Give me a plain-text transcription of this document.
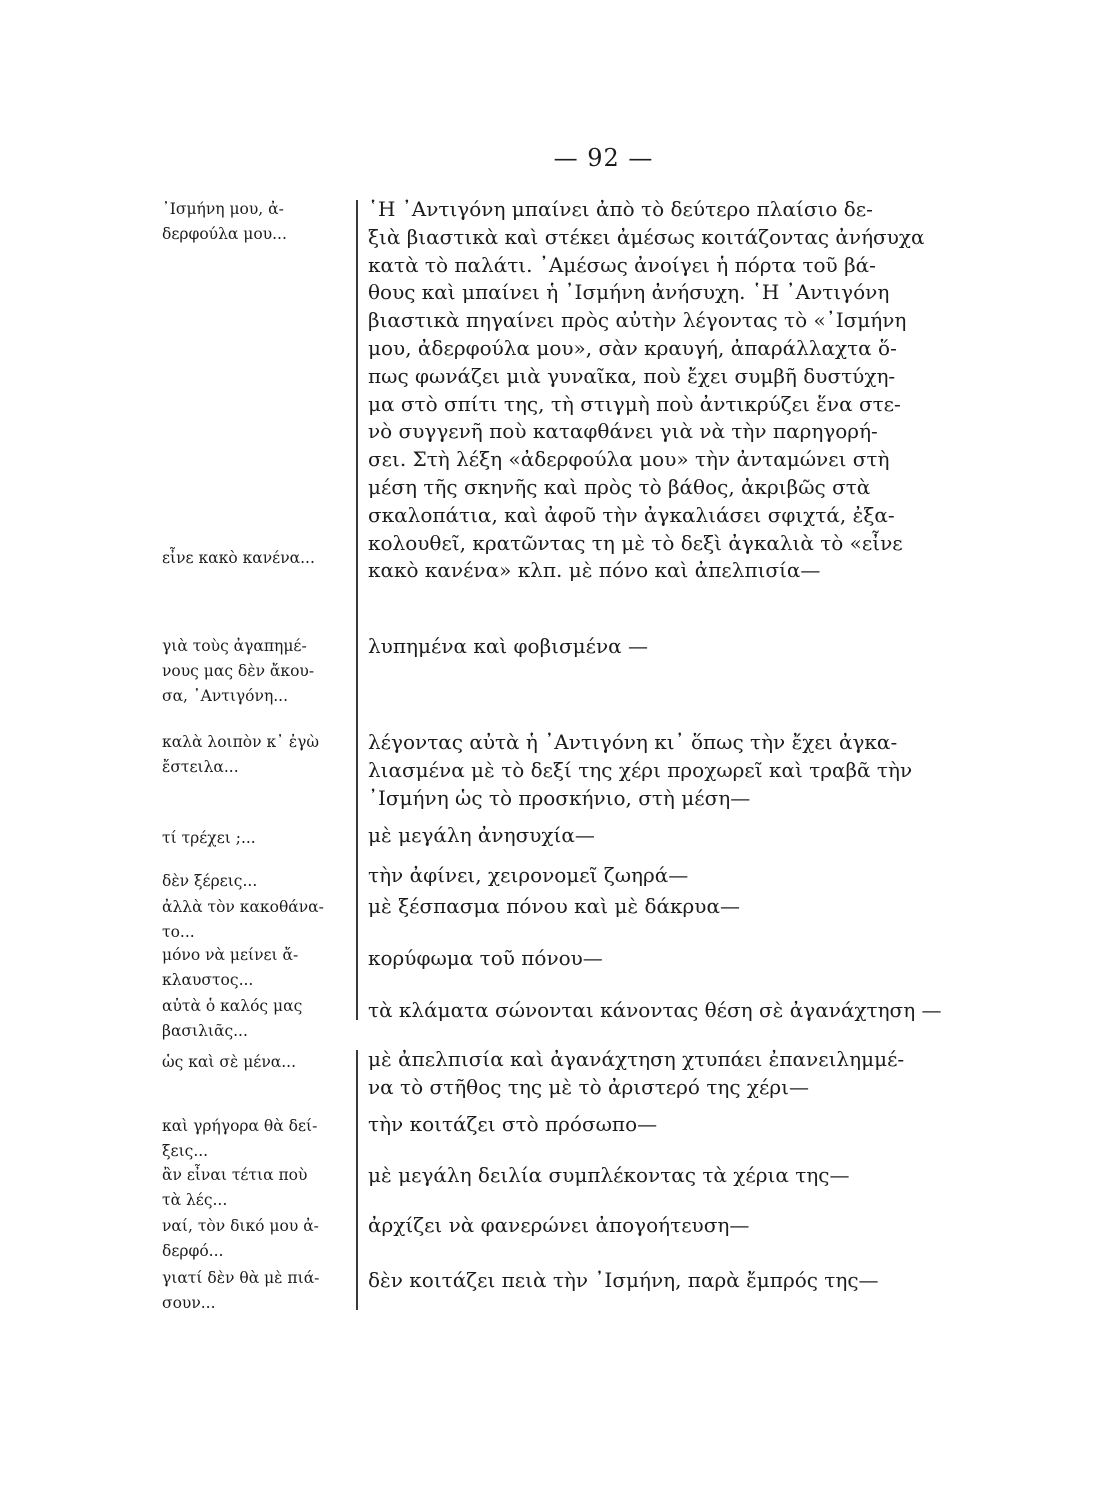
— 92 —
᾿Ισμήνη μου, ἀ-
δερφούλα μου...
εἶνε κακὸ κανένα...
γιὰ τοὺς ἀγαπημέ-
νους μας δὲν ἄκου-
σα, ᾿Αντιγόνη...
καλὰ λοιπὸν κ᾿ ἐγὼ
ἔστειλα...
τί τρέχει ;...
δὲν ξέρεις...
ἀλλὰ τὸν κακοθάνα-
το...
μόνο νὰ μείνει ἄ-
κλαυστος...
αὐτὰ ὁ καλός μας
βασιλιᾶς...
ὡς καὶ σὲ μένα...
καὶ γρήγορα θὰ δεί-
ξεις...
ἂν εἶναι τέτια ποὺ
τὰ λές...
ναί, τὸν δικό μου ἀ-
δερφό...
γιατί δὲν θὰ μὲ πιά-
σουν...
῾Η ᾿Αντιγόνη μπαίνει ἀπὸ τὸ δεύτερο πλαίσιο δε-
ξιὰ βιαστικὰ καὶ στέκει ἀμέσως κοιτάζοντας ἀνήσυχα
κατὰ τὸ παλάτι. ᾿Αμέσως ἀνοίγει ἡ πόρτα τοῦ βά-
θους καὶ μπαίνει ἡ ᾿Ισμήνη ἀνήσυχη. ῾Η ᾿Αντιγόνη
βιαστικὰ πηγαίνει πρὸς αὐτὴν λέγοντας τὸ «᾿Ισμήνη
μου, ἀδερφούλα μου», σὰν κραυγή, ἀπαράλλαχτα ὅ-
πως φωνάζει μιὰ γυναῖκα, ποὺ ἔχει συμβῆ δυστύχη-
μα στὸ σπίτι της, τὴ στιγμὴ ποὺ ἀντικρύζει ἕνα στε-
νὸ συγγενῆ ποὺ καταφθάνει γιὰ νὰ τὴν παρηγορή-
σει. Στὴ λέξη «ἀδερφούλα μου» τὴν ἀνταμώνει στὴ
μέση τῆς σκηνῆς καὶ πρὸς τὸ βάθος, ἀκριβῶς στὰ
σκαλοπάτια, καὶ ἀφοῦ τὴν ἀγκαλιάσει σφιχτά, ἐξα-
κολουθεῖ, κρατῶντας τη μὲ τὸ δεξὶ ἀγκαλιὰ τὸ «εἶνε
κακὸ κανένα» κλπ. μὲ πόνο καὶ ἀπελπισία—
λυπημένα καὶ φοβισμένα —
λέγοντας αὐτὰ ἡ ᾿Αντιγόνη κι᾿ ὅπως τὴν ἔχει ἀγκα-
λιασμένα μὲ τὸ δεξί της χέρι προχωρεῖ καὶ τραβᾶ τὴν
᾿Ισμήνη ὡς τὸ προσκήνιο, στὴ μέση—
μὲ μεγάλη ἀνησυχία—
τὴν ἀφίνει, χειρονομεῖ ζωηρά—
μὲ ξέσπασμα πόνου καὶ μὲ δάκρυα—
κορύφωμα τοῦ πόνου—
τὰ κλάματα σώνονται κάνοντας θέση σὲ ἀγανάχτηση —
μὲ ἀπελπισία καὶ ἀγανάχτηση χτυπάει ἐπανειλημμέ-
να τὸ στῆθος της μὲ τὸ ἀριστερό της χέρι—
τὴν κοιτάζει στὸ πρόσωπο—
μὲ μεγάλη δειλία συμπλέκοντας τὰ χέρια της—
ἀρχίζει νὰ φανερώνει ἀπογοήτευση—
δὲν κοιτάζει πειὰ τὴν ᾿Ισμήνη, παρὰ ἔμπρός της—
